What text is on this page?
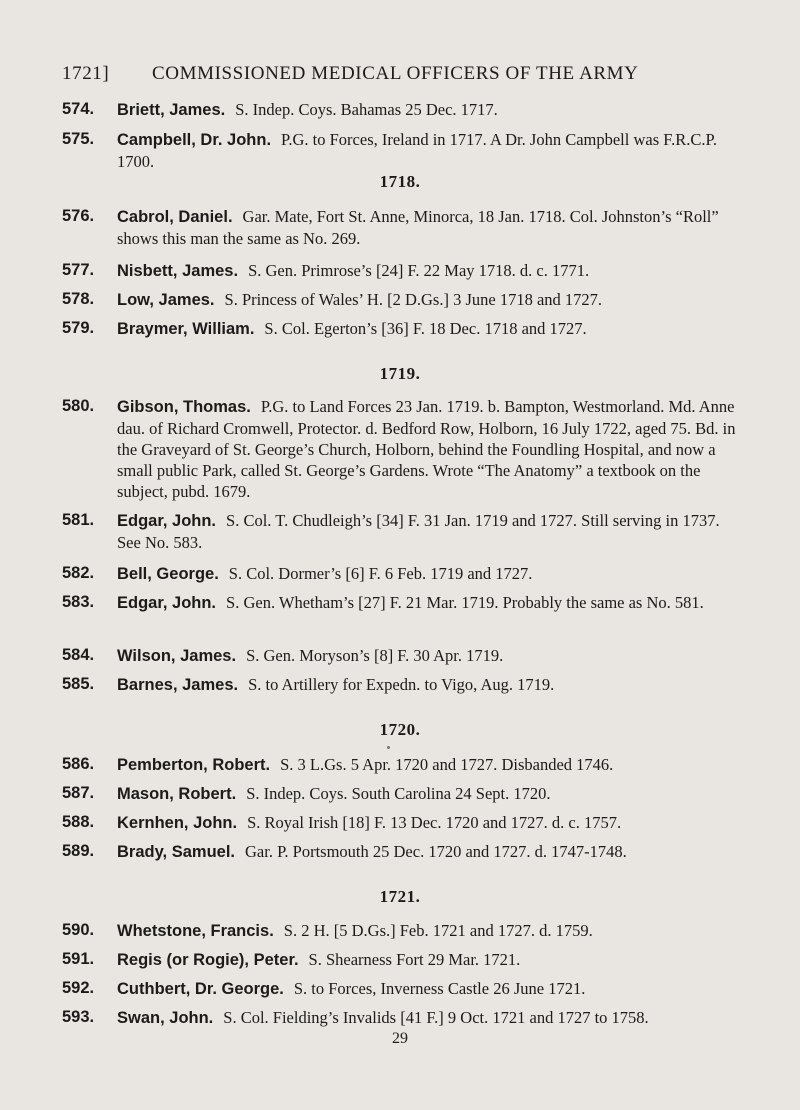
1721] COMMISSIONED MEDICAL OFFICERS OF THE ARMY
574.	Briett, James. S. Indep. Coys. Bahamas 25 Dec. 1717.
575.	Campbell, Dr. John. P.G. to Forces, Ireland in 1717. A Dr. John Campbell was F.R.C.P. 1700.
1718.
576.	Cabrol, Daniel. Gar. Mate, Fort St. Anne, Minorca, 18 Jan. 1718. Col. Johnston’s “Roll” shows this man the same as No. 269.
577.	Nisbett, James. S. Gen. Primrose’s [24] F. 22 May 1718. d. c. 1771.
578.	Low, James. S. Princess of Wales’ H. [2 D.Gs.] 3 June 1718 and 1727.
579.	Braymer, William. S. Col. Egerton’s [36] F. 18 Dec. 1718 and 1727.
1719.
580.	Gibson, Thomas. P.G. to Land Forces 23 Jan. 1719. b. Bampton, Westmorland. Md. Anne dau. of Richard Cromwell, Protector. d. Bedford Row, Holborn, 16 July 1722, aged 75. Bd. in the Graveyard of St. George’s Church, Holborn, behind the Foundling Hospital, and now a small public Park, called St. George’s Gardens. Wrote “The Anatomy” a textbook on the subject, pubd. 1679.
581.	Edgar, John. S. Col. T. Chudleigh’s [34] F. 31 Jan. 1719 and 1727. Still serving in 1737. See No. 583.
582.	Bell, George. S. Col. Dormer’s [6] F. 6 Feb. 1719 and 1727.
583.	Edgar, John. S. Gen. Whetham’s [27] F. 21 Mar. 1719. Probably the same as No. 581.
584.	Wilson, James. S. Gen. Moryson’s [8] F. 30 Apr. 1719.
585.	Barnes, James. S. to Artillery for Expedn. to Vigo, Aug. 1719.
1720.
586.	Pemberton, Robert. S. 3 L.Gs. 5 Apr. 1720 and 1727. Disbanded 1746.
587.	Mason, Robert. S. Indep. Coys. South Carolina 24 Sept. 1720.
588.	Kernhen, John. S. Royal Irish [18] F. 13 Dec. 1720 and 1727. d. c. 1757.
589.	Brady, Samuel. Gar. P. Portsmouth 25 Dec. 1720 and 1727. d. 1747-1748.
1721.
590.	Whetstone, Francis. S. 2 H. [5 D.Gs.] Feb. 1721 and 1727. d. 1759.
591.	Regis (or Rogie), Peter. S. Shearness Fort 29 Mar. 1721.
592.	Cuthbert, Dr. George. S. to Forces, Inverness Castle 26 June 1721.
593.	Swan, John. S. Col. Fielding’s Invalids [41 F.] 9 Oct. 1721 and 1727 to 1758.
29
